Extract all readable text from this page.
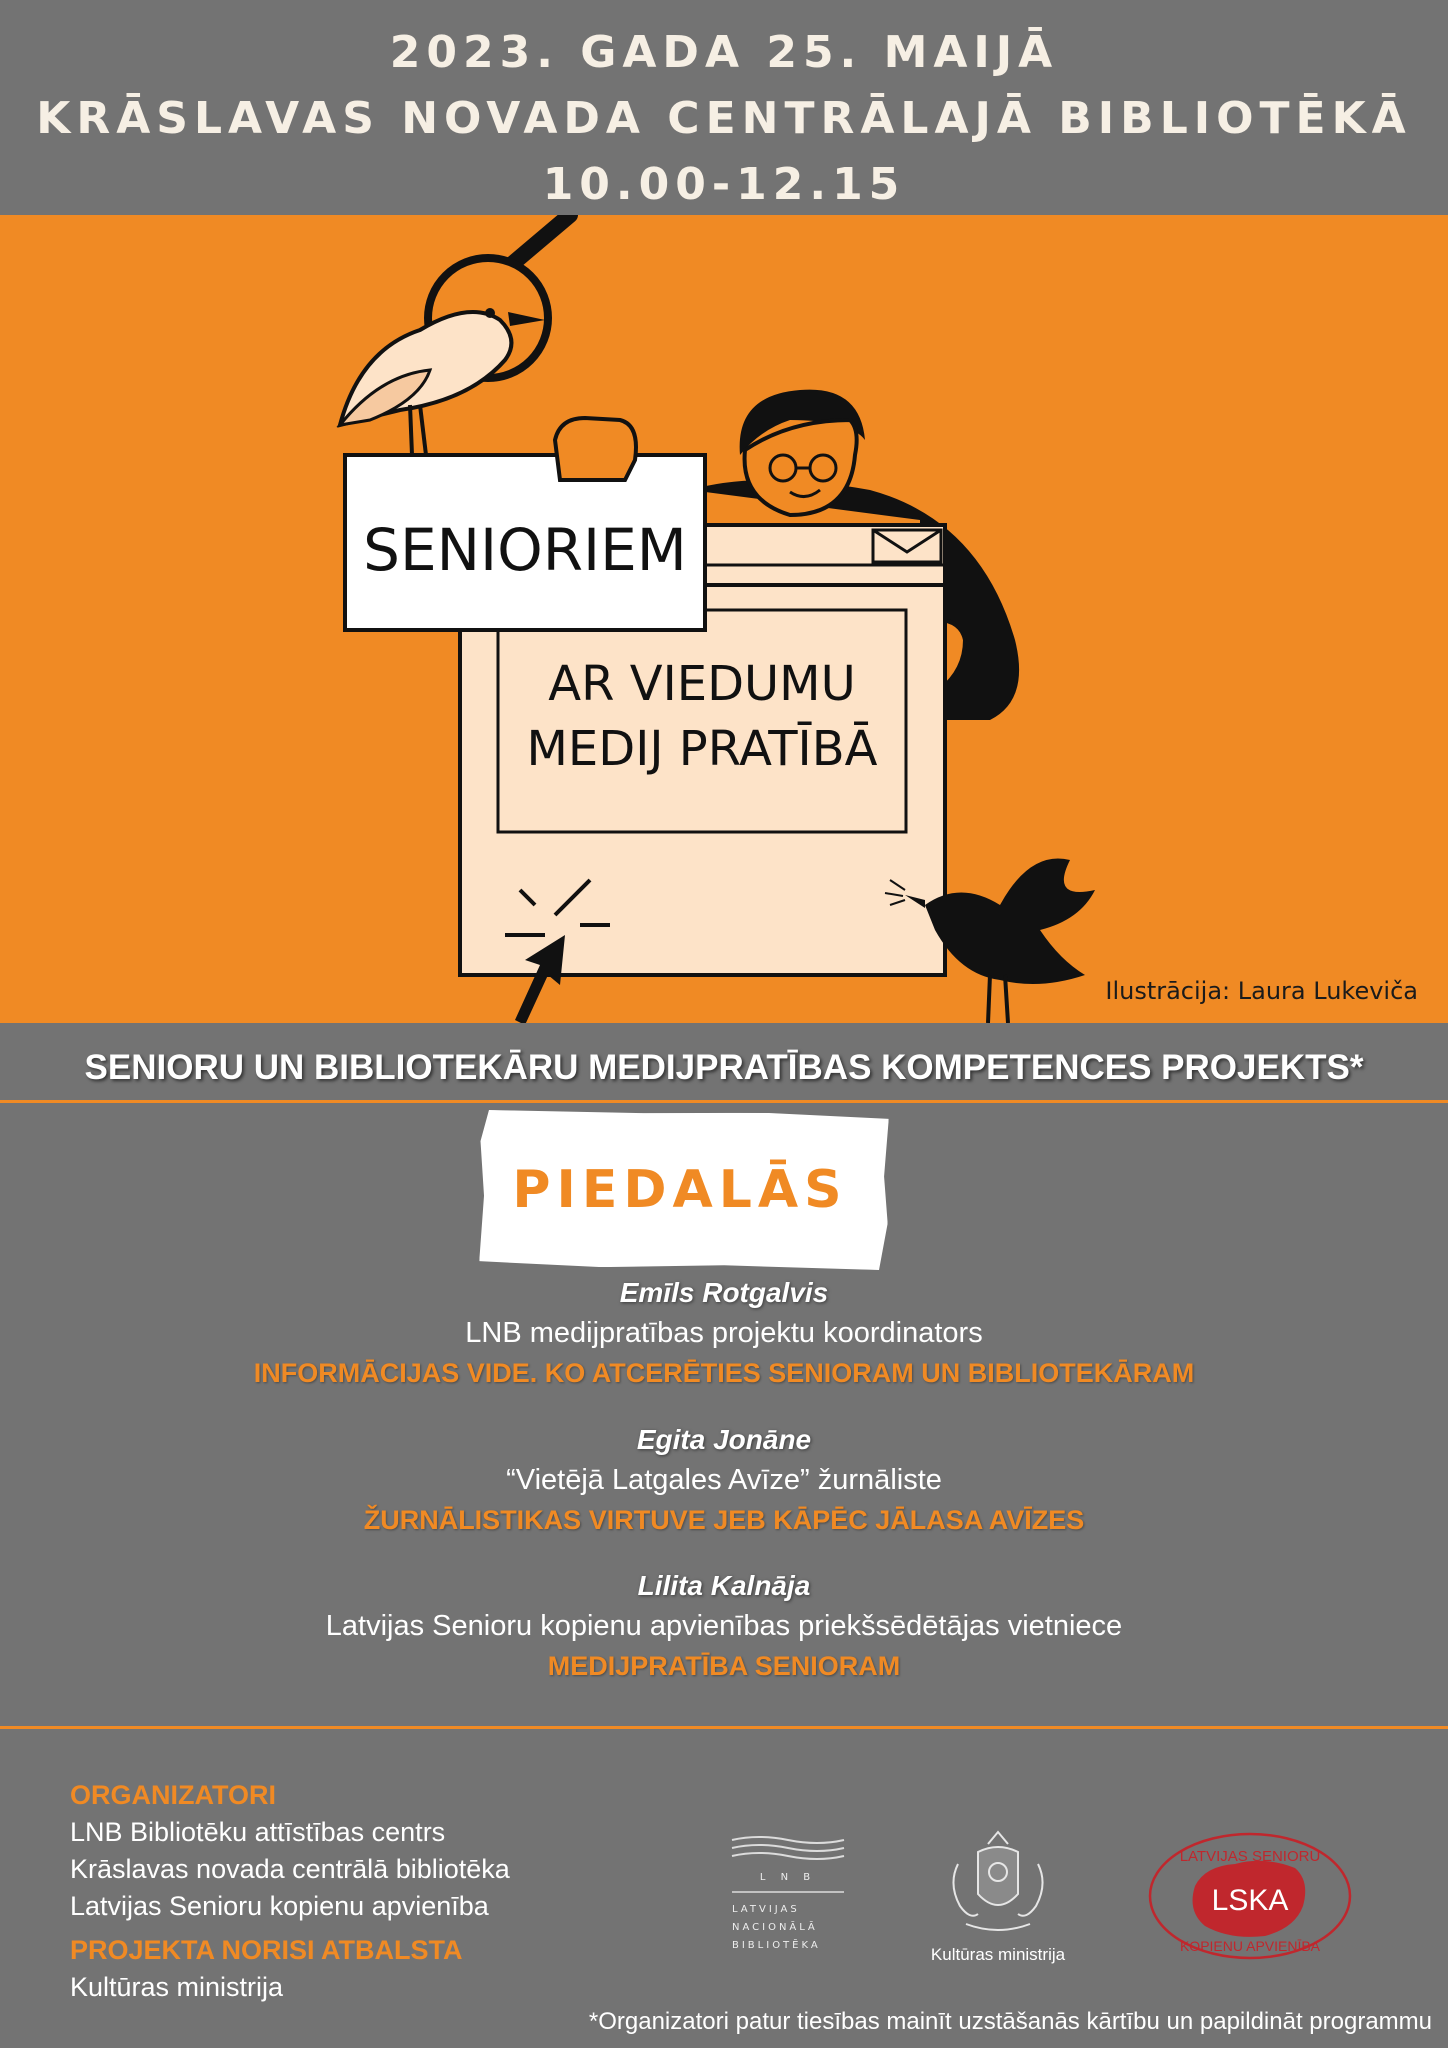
2023. GADA 25. MAIJĀ
KRĀSLAVAS NOVADA CENTRĀLAJĀ BIBLIOTĒKĀ
10.00-12.15
AR VIEDUMU
MEDIJ PRATĪBĀ
SENIORIEM
Ilustrācija: Laura Lukeviča
SENIORU UN BIBLIOTEKĀRU MEDIJPRATĪBAS KOMPETENCES PROJEKTS*
PIEDALĀS
Emīls Rotgalvis
LNB medijpratības projektu koordinators
INFORMĀCIJAS VIDE. KO ATCERĒTIES SENIORAM UN BIBLIOTEKĀRAM
Egita Jonāne
“Vietējā Latgales Avīze” žurnāliste
ŽURNĀLISTIKAS VIRTUVE JEB KĀPĒC JĀLASA AVĪZES
Lilita Kalnāja
Latvijas Senioru kopienu apvienības priekšsēdētājas vietniece
MEDIJPRATĪBA SENIORAM
ORGANIZATORI
LNB Bibliotēku attīstības centrs
Krāslavas novada centrālā bibliotēka
Latvijas Senioru kopienu apvienība
PROJEKTA NORISI ATBALSTA
Kultūras ministrija
L N B
LATVIJAS
NACIONĀLĀ
BIBLIOTĒKA	Kultūras ministrija
LATVIJAS SENIORU
LSKA
KOPIENU APVIENĪBA
*Organizatori patur tiesības mainīt uzstāšanās kārtību un papildināt programmu
